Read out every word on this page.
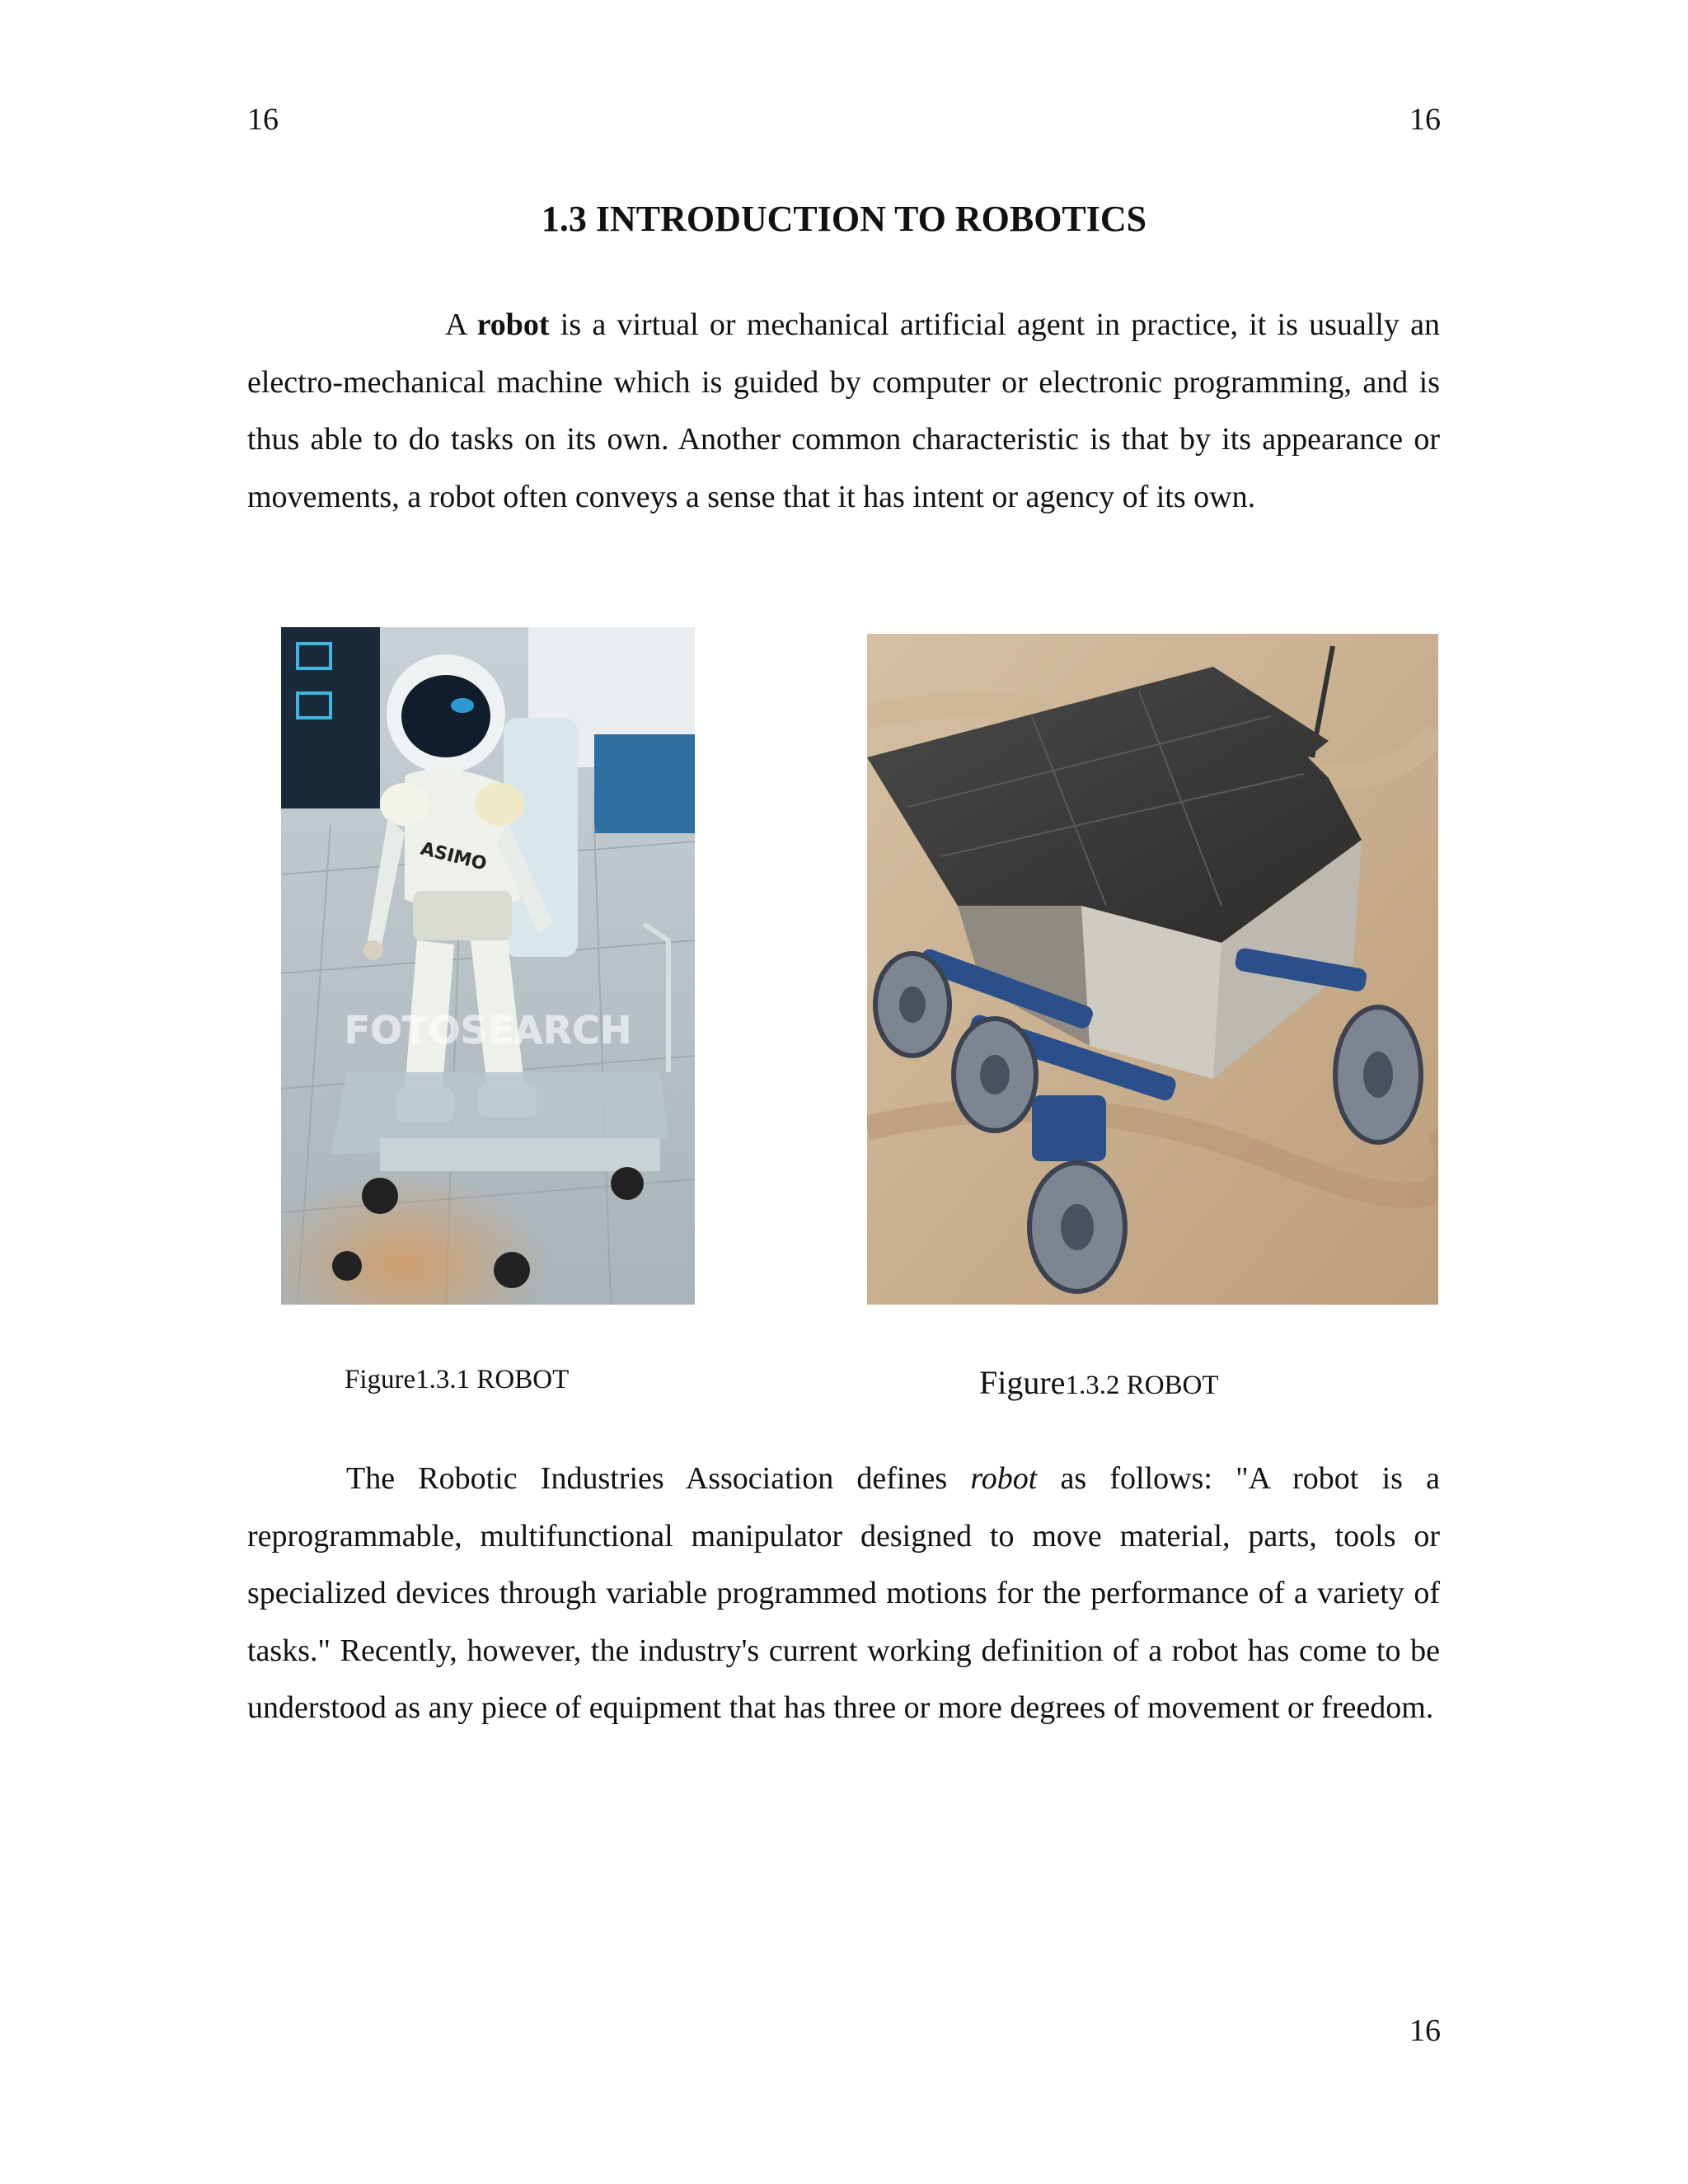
16	16
1.3 INTRODUCTION TO ROBOTICS

A robot is a virtual or mechanical artificial agent in practice, it is usually an electro-mechanical machine which is guided by computer or electronic programming, and is thus able to do tasks on its own. Another common characteristic is that by its appearance or movements, a robot often conveys a sense that it has intent or agency of its own.

ASIMO
FOTOSEARCH
Figure1.3.1 ROBOT	Figure1.3.2 ROBOT

The Robotic Industries Association defines robot as follows: "A robot is a reprogrammable, multifunctional manipulator designed to move material, parts, tools or specialized devices through variable programmed motions for the performance of a variety of tasks." Recently, however, the industry's current working definition of a robot has come to be understood as any piece of equipment that has three or more degrees of movement or freedom.

16
